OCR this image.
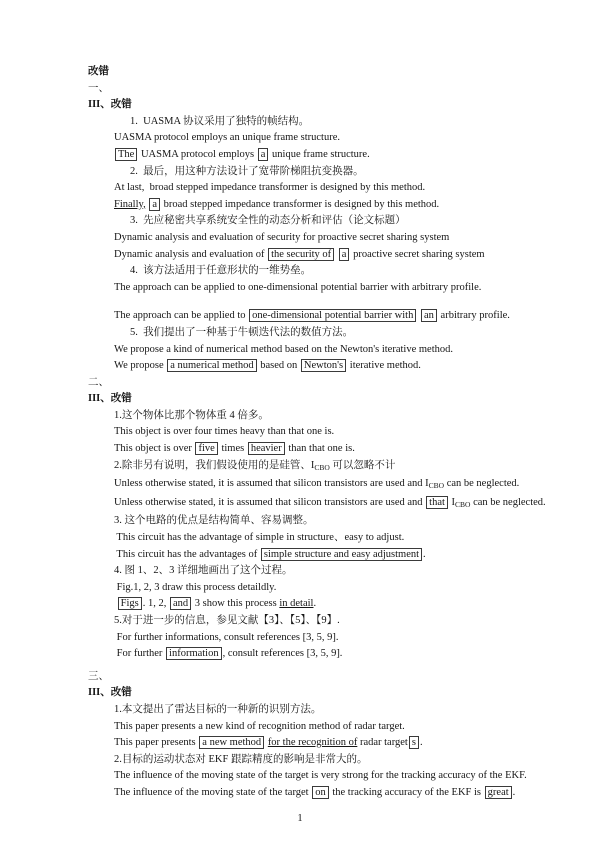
改错
一、
III、改错
1.  UASMA 协议采用了独特的帧结构。
UASMA protocol employs an unique frame structure.
The UASMA protocol employs a unique frame structure.
2.  最后，用这种方法设计了宽带阶梯阻抗变换器。
At last,  broad stepped impedance transformer is designed by this method.
Finally, a broad stepped impedance transformer is designed by this method.
3.  先应秘密共享系统安全性的动态分析和评估（论文标题）
Dynamic analysis and evaluation of security for proactive secret sharing system
Dynamic analysis and evaluation of the security of a proactive secret sharing system
4.  该方法适用于任意形状的一维势垒。
The approach can be applied to one-dimensional potential barrier with arbitrary profile.
The approach can be applied to one-dimensional potential barrier with an arbitrary profile.
5.  我们提出了一种基于牛顿迭代法的数值方法。
We propose a kind of numerical method based on the Newton's iterative method.
We propose a numerical method based on Newton's iterative method.
二、
III、改错
1.这个物体比那个物体重 4 倍多。
This object is over four times heavy than that one is.
This object is over five times heavier than that one is.
2.除非另有说明，我们假设使用的是硅管、ICBO 可以忽略不计
Unless otherwise stated, it is assumed that silicon transistors are used and ICBO can be neglected.
Unless otherwise stated, it is assumed that silicon transistors are used and that ICBO can be neglected.
3. 这个电路的优点是结构简单、容易调整。
This circuit has the advantage of simple in structure、easy to adjust.
This circuit has the advantages of simple structure and easy adjustment .
4. 图 1、2、3 详细地画出了这个过程。
Fig.1, 2, 3 draw this process detaildly.
Figs . 1, 2, and 3 show this process in detail.
5.对于进一步的信息，参见文献【3】、【5】、【9】.
For further informations, consult references [3, 5, 9].
For further information , consult references [3, 5, 9].
三、
III、改错
1.本文提出了雷达目标的一种新的识别方法。
This paper presents a new kind of recognition method of radar target.
This paper presents a new method for the recognition of radar target s .
2.目标的运动状态对 EKF 跟踪精度的影响是非常大的。
The influence of the moving state of the target is very strong for the tracking accuracy of the EKF.
The influence of the moving state of the target on the tracking accuracy of the EKF is great .
1
